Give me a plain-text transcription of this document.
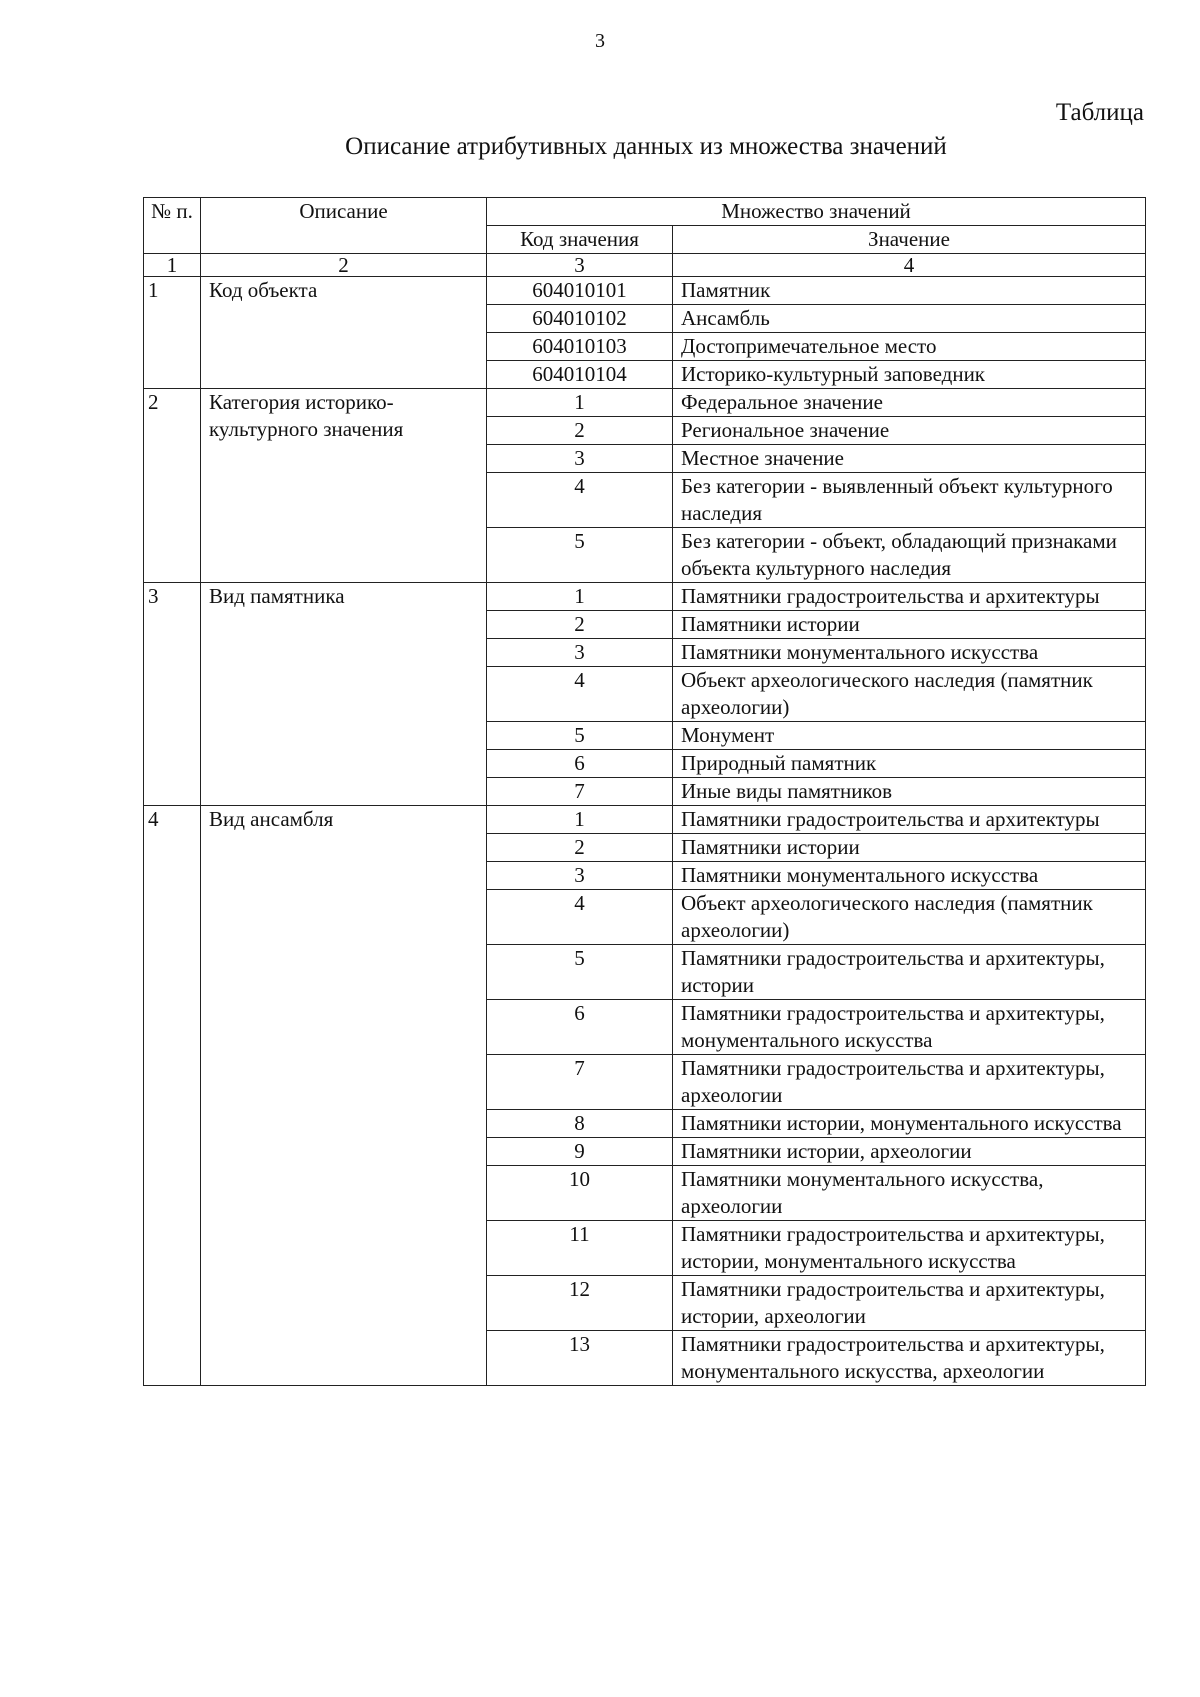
3
Таблица
Описание атрибутивных данных из множества значений
№ п.	Описание	Множество значений	
		Код значения	Значение
1	2	3	4
1	Код объекта	604010101	Памятник
		604010102	Ансамбль
		604010103	Достопримечательное место
		604010104	Историко-культурный заповедник
2	Категория историко-культурного значения	1	Федеральное значение
		2	Региональное значение
		3	Местное значение
		4	Без категории - выявленный объект культурного наследия
		5	Без категории - объект, обладающий признаками объекта культурного наследия
3	Вид памятника	1	Памятники градостроительства и архитектуры
		2	Памятники истории
		3	Памятники монументального искусства
		4	Объект археологического наследия (памятник археологии)
		5	Монумент
		6	Природный памятник
		7	Иные виды памятников
4	Вид ансамбля	1	Памятники градостроительства и архитектуры
		2	Памятники истории
		3	Памятники монументального искусства
		4	Объект археологического наследия (памятник археологии)
		5	Памятники градостроительства и архитектуры, истории
		6	Памятники градостроительства и архитектуры, монументального искусства
		7	Памятники градостроительства и архитектуры, археологии
		8	Памятники истории, монументального искусства
		9	Памятники истории, археологии
		10	Памятники монументального искусства, археологии
		11	Памятники градостроительства и архитектуры, истории, монументального искусства
		12	Памятники градостроительства и архитектуры, истории, археологии
		13	Памятники градостроительства и архитектуры, монументального искусства, археологии
